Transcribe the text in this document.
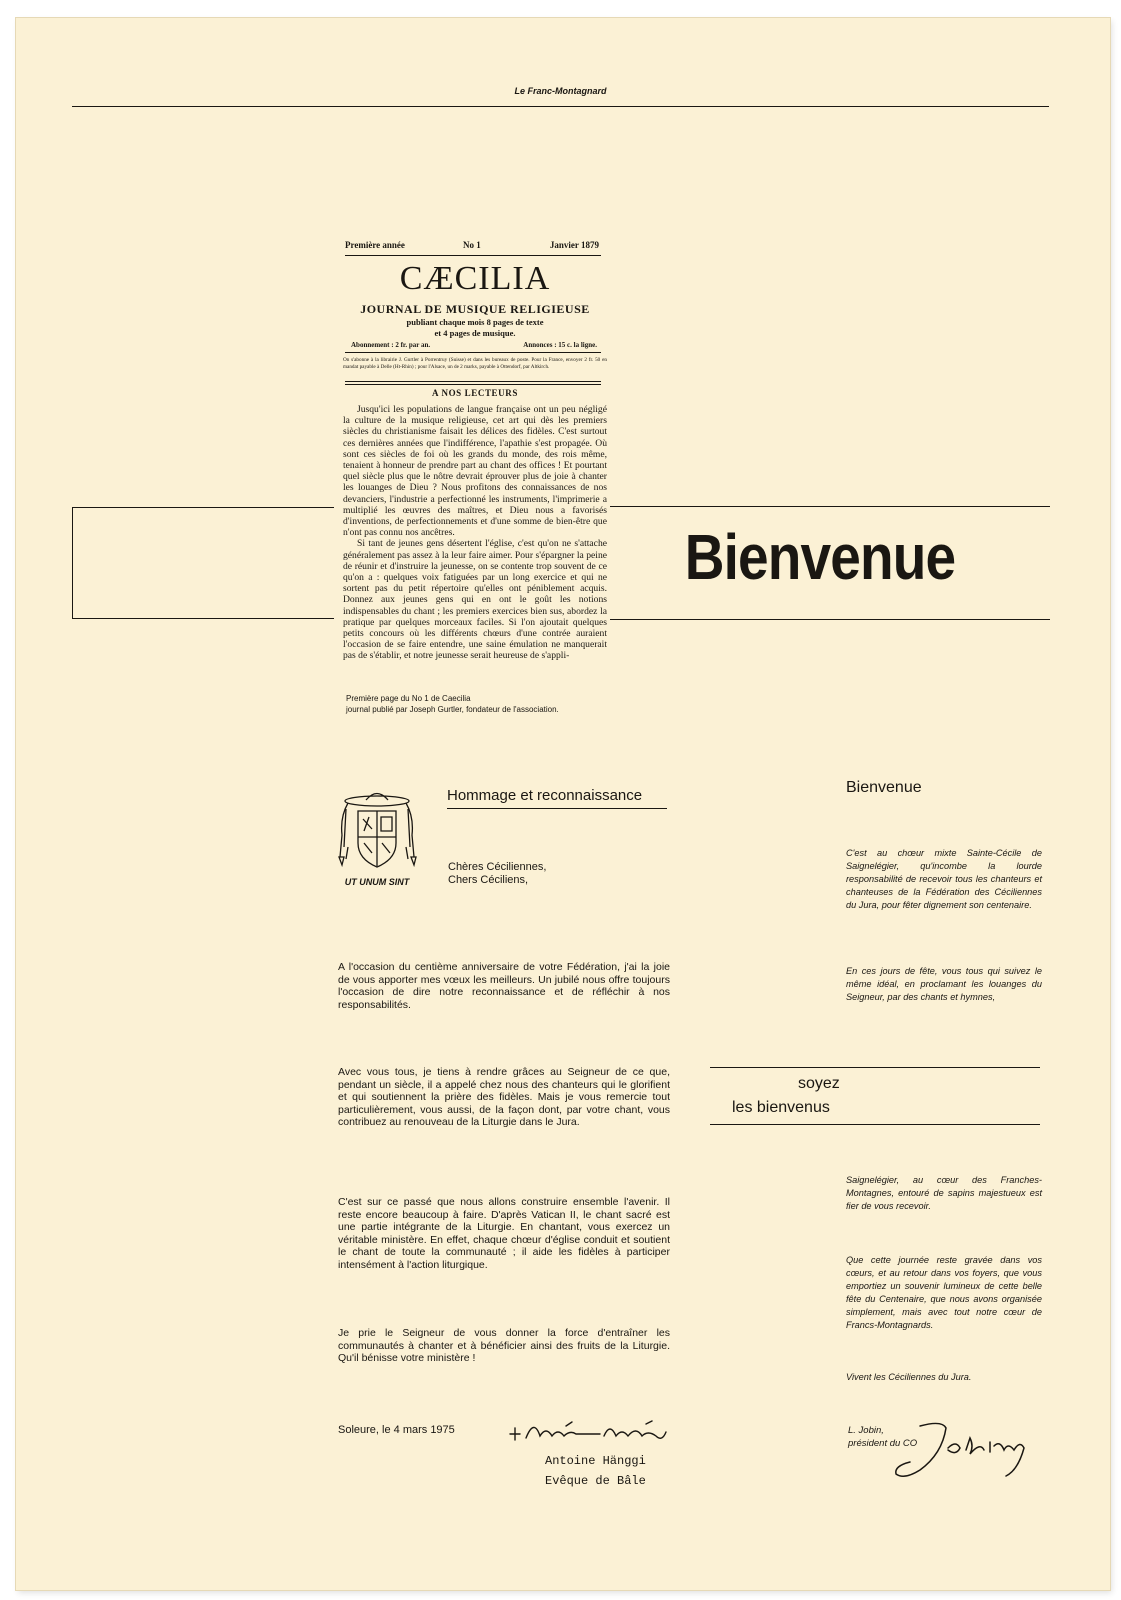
Le Franc-Montagnard
Première année	No 1	Janvier 1879
CÆCILIA
JOURNAL DE MUSIQUE RELIGIEUSE
publiant chaque mois 8 pages de texte
et 4 pages de musique.
Abonnement : 2 fr. par an.	Annonces : 15 c. la ligne.
On s'abonne à la librairie J. Gurtler à Porrentruy (Suisse) et dans les bureaux de poste. Pour la France, envoyer 2 fr. 50 en mandat payable à Delle (Ht-Rhin) ; pour l'Alsace, un de 2 marks, payable à Ottendorf, par Altkirch.
A NOS LECTEURS

Jusqu'ici les populations de langue française ont un peu négligé la culture de la musique religieuse, cet art qui dès les premiers siècles du christianisme faisait les délices des fidèles. C'est surtout ces dernières années que l'indifférence, l'apathie s'est propagée. Où sont ces siècles de foi où les grands du monde, des rois même, tenaient à honneur de prendre part au chant des offices ! Et pourtant quel siècle plus que le nôtre devrait éprouver plus de joie à chanter les louanges de Dieu ? Nous profitons des connaissances de nos devanciers, l'industrie a perfectionné les instruments, l'imprimerie a multiplié les œuvres des maîtres, et Dieu nous a favorisés d'inventions, de perfectionnements et d'une somme de bien-être que n'ont pas connu nos ancêtres.

Si tant de jeunes gens désertent l'église, c'est qu'on ne s'attache généralement pas assez à la leur faire aimer. Pour s'épargner la peine de réunir et d'instruire la jeunesse, on se contente trop souvent de ce qu'on a : quelques voix fatiguées par un long exercice et qui ne sortent pas du petit répertoire qu'elles ont péniblement acquis. Donnez aux jeunes gens qui en ont le goût les notions indispensables du chant ; les premiers exercices bien sus, abordez la pratique par quelques morceaux faciles. Si l'on ajoutait quelques petits concours où les différents chœurs d'une contrée auraient l'occasion de se faire entendre, une saine émulation ne manquerait pas de s'établir, et notre jeunesse serait heureuse de s'appli-

Première page du No 1 de Caecilia
journal publié par Joseph Gurtler, fondateur de l'association.
Bienvenue
UT UNUM SINT
Hommage et reconnaissance
Chères Céciliennes,
Chers Céciliens,

A l'occasion du centième anniversaire de votre Fédération, j'ai la joie de vous apporter mes vœux les meilleurs. Un jubilé nous offre toujours l'occasion de dire notre reconnaissance et de réfléchir à nos responsabilités.

Avec vous tous, je tiens à rendre grâces au Seigneur de ce que, pendant un siècle, il a appelé chez nous des chanteurs qui le glorifient et qui soutiennent la prière des fidèles. Mais je vous remercie tout particulièrement, vous aussi, de la façon dont, par votre chant, vous contribuez au renouveau de la Liturgie dans le Jura.

C'est sur ce passé que nous allons construire ensemble l'avenir. Il reste encore beaucoup à faire. D'après Vatican II, le chant sacré est une partie intégrante de la Liturgie. En chantant, vous exercez un véritable ministère. En effet, chaque chœur d'église conduit et soutient le chant de toute la communauté ; il aide les fidèles à participer intensément à l'action liturgique.

Je prie le Seigneur de vous donner la force d'entraîner les communautés à chanter et à bénéficier ainsi des fruits de la Liturgie. Qu'il bénisse votre ministère !

Soleure, le 4 mars 1975
Antoine Hänggi
Evêque de Bâle
Bienvenue

C'est au chœur mixte Sainte-Cécile de Saignelégier, qu'incombe la lourde responsabilité de recevoir tous les chanteurs et chanteuses de la Fédération des Céciliennes du Jura, pour fêter dignement son centenaire.

En ces jours de fête, vous tous qui suivez le même idéal, en proclamant les louanges du Seigneur, par des chants et hymnes,

soyez
les bienvenus

Saignelégier, au cœur des Franches-Montagnes, entouré de sapins majestueux est fier de vous recevoir.

Que cette journée reste gravée dans vos cœurs, et au retour dans vos foyers, que vous emportiez un souvenir lumineux de cette belle fête du Centenaire, que nous avons organisée simplement, mais avec tout notre cœur de Francs-Montagnards.

Vivent les Céciliennes du Jura.

L. Jobin,
président du CO
